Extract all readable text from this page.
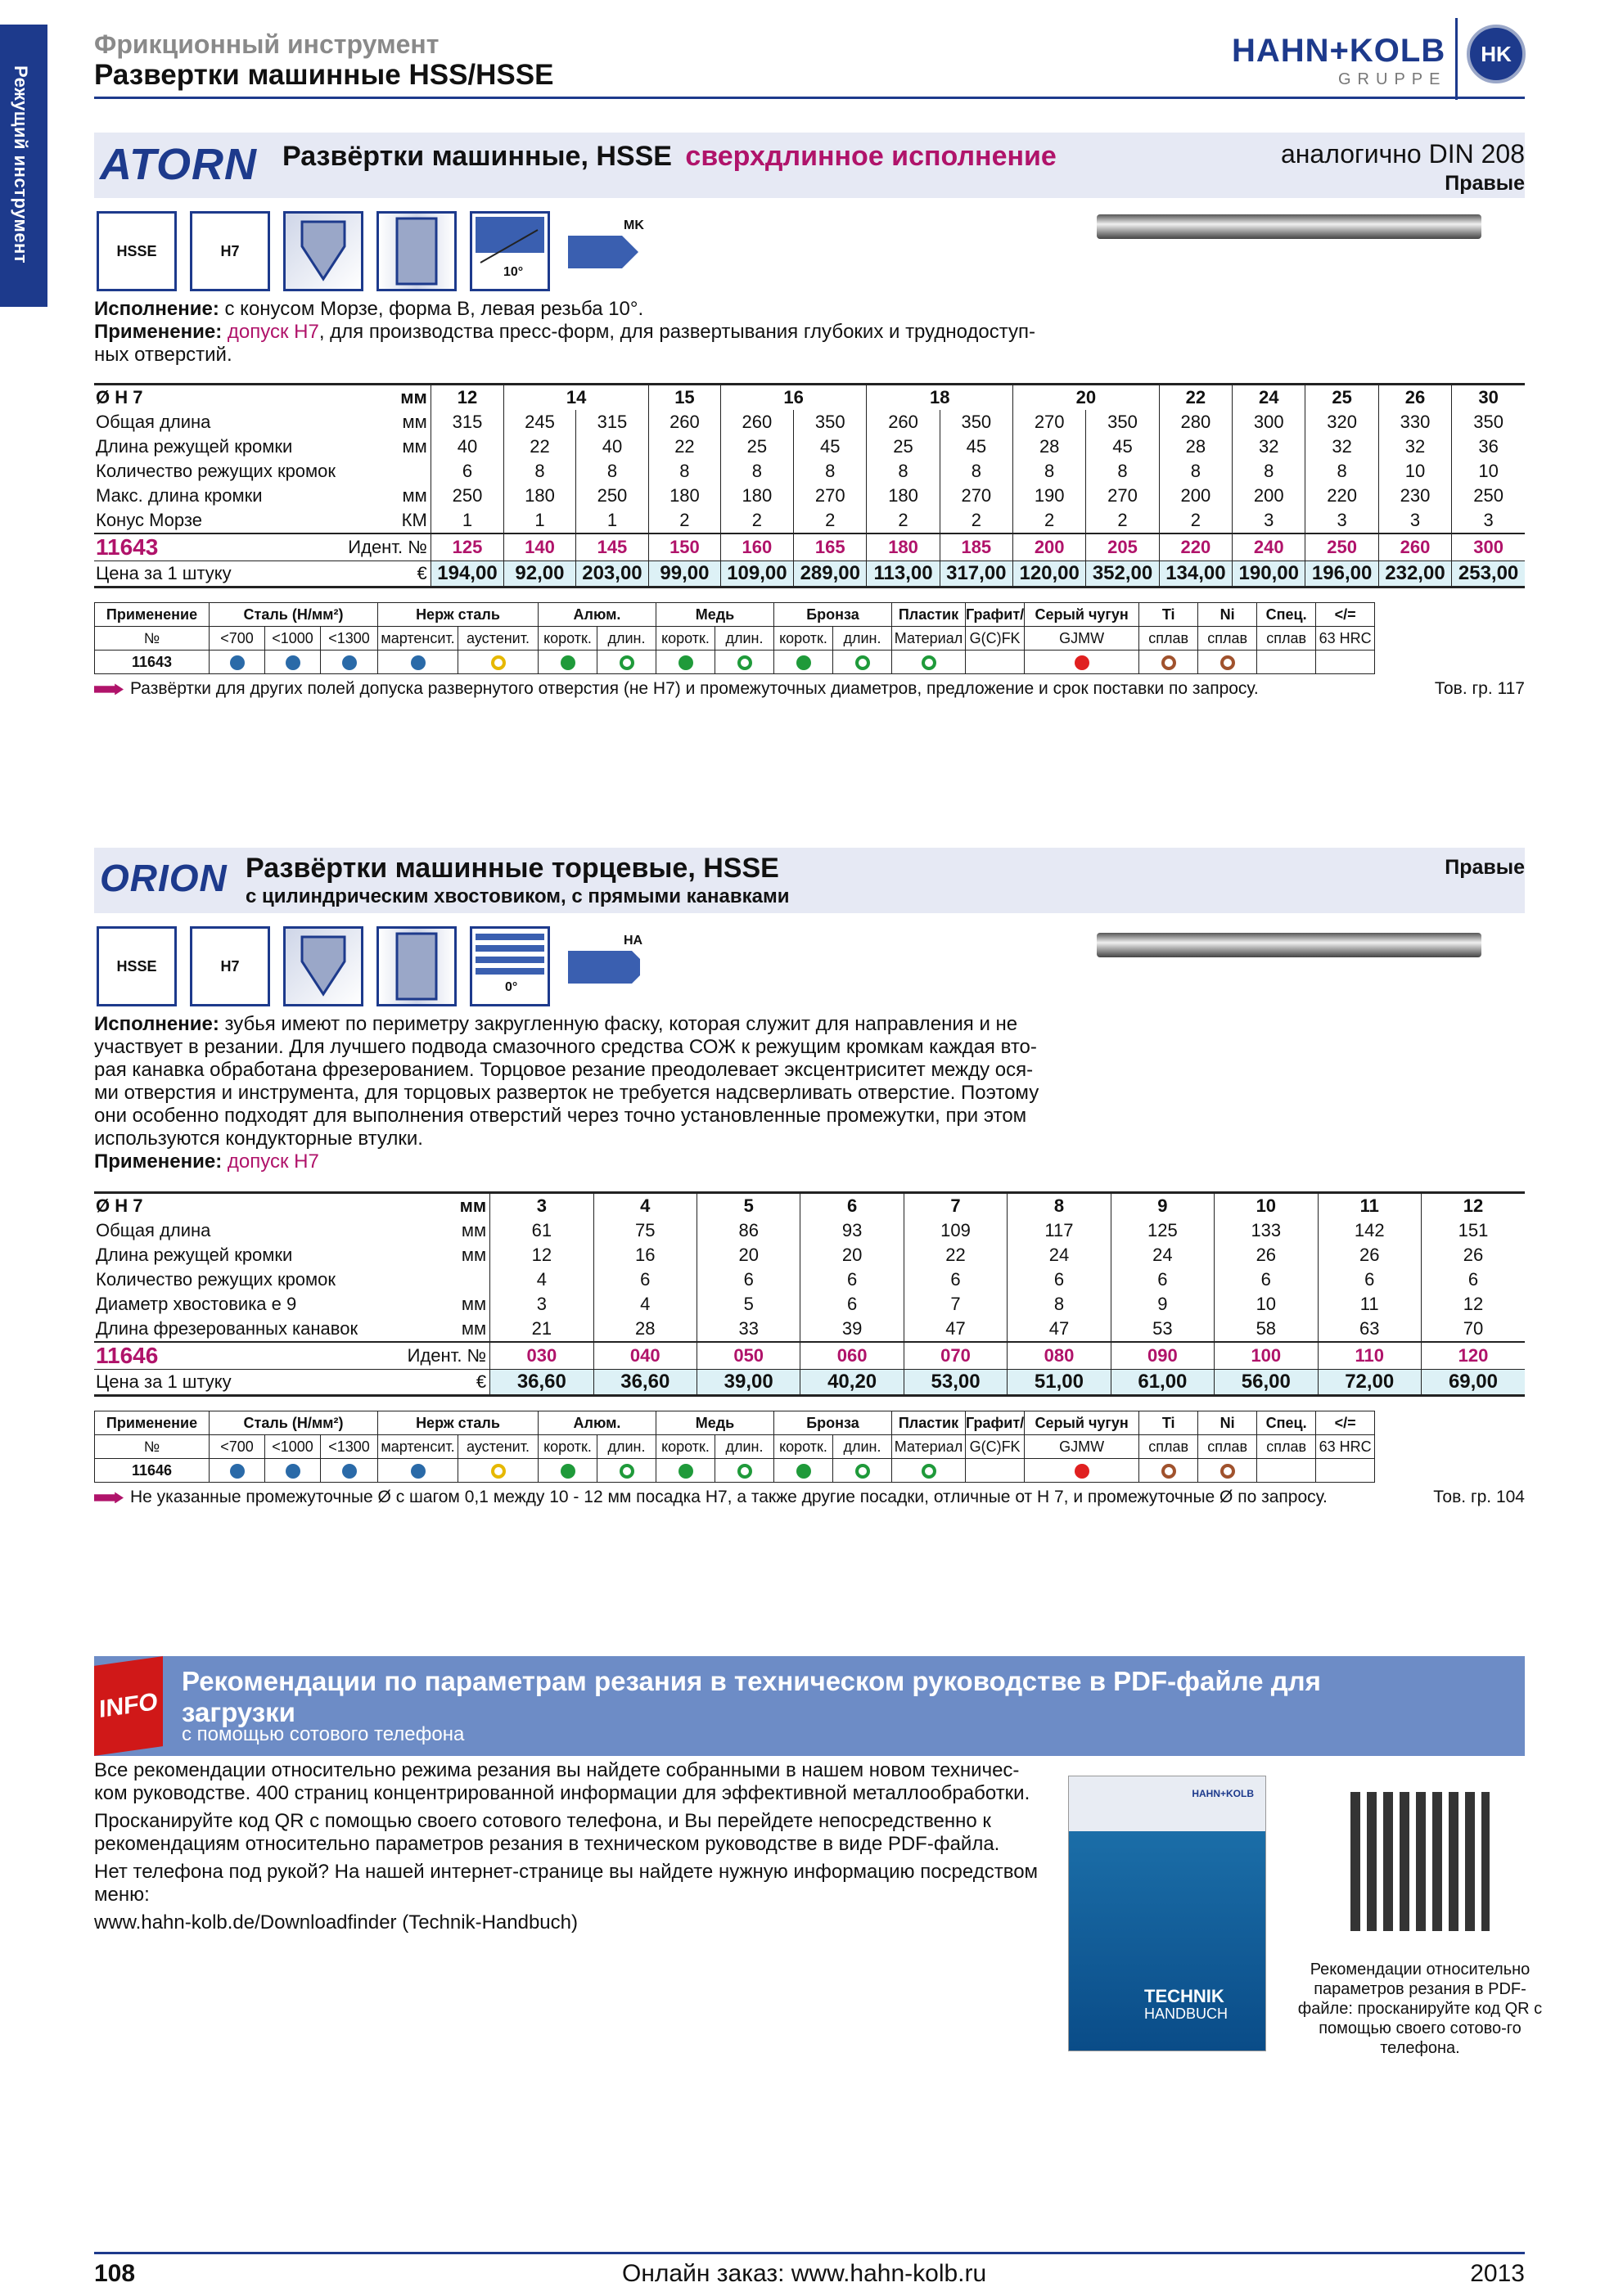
Режущий инструмент
Фрикционный инструмент
Развертки машинные HSS/HSSE
HAHN+KOLB
GRUPPE
HK
ATORN Развёртки машинные, HSSE сверхдлинное исполнение	аналогично DIN 208
Правые
HSSE	H7
10°
MK
Исполнение: с конусом Морзе, форма В, левая резьба 10°.
Применение: допуск H7, для производства пресс-форм, для развертывания глубоких и труднодоступ-ных отверстий.
Ø H 7	мм	12	14		15	16		18		20		22	24	25	26	30
Общая длина	мм	315	245	315	260	260	350	260	350	270	350	280	300	320	330	350
Длина режущей кромки	мм	40	22	40	22	25	45	25	45	28	45	28	32	32	32	36
Количество режущих кромок		6	8	8	8	8	8	8	8	8	8	8	8	8	10	10
Макс. длина кромки	мм	250	180	250	180	180	270	180	270	190	270	200	200	220	230	250
Конус Морзе	КМ	1	1	1	2	2	2	2	2	2	2	2	3	3	3	3
11643	Идент. №	125	140	145	150	160	165	180	185	200	205	220	240	250	260	300
Цена за 1 штуку	€	194,00	92,00	203,00	99,00	109,00	289,00	113,00	317,00	120,00	352,00	134,00	190,00	196,00	232,00	253,00
Применение	Сталь (Н/мм²)			Нерж сталь		Алюм.		Медь		Бронза		Пластик	Графит/	Серый чугун	Ti	Ni	Спец.	</=
№	<700	<1000	<1300	мартенсит.	аустенит.	коротк.	длин.	коротк.	длин.	коротк.	длин.	Материал	G(C)FK	GJMW	сплав	сплав	сплав	63 HRC
11643																		
Развёртки для других полей допуска развернутого отверстия (не H7) и промежуточных диаметров, предложение и срок поставки по запросу.	Тов. гр. 117
ORION Развёртки машинные торцевые, HSSE
с цилиндрическим хвостовиком, с прямыми канавками
Правые
HSSE	H7
0°
HA
Исполнение: зубья имеют по периметру закругленную фаску, которая служит для направления и не участвует в резании. Для лучшего подвода смазочного средства СОЖ к режущим кромкам каждая вто-рая канавка обработана фрезерованием. Торцовое резание преодолевает эксцентриситет между ося-ми отверстия и инструмента, для торцовых разверток не требуется надсверливать отверстие. Поэтому они особенно подходят для выполнения отверстий через точно установленные промежутки, при этом используются кондукторные втулки.
Применение: допуск H7
Ø H 7	мм	3	4	5	6	7	8	9	10	11	12
Общая длина	мм	61	75	86	93	109	117	125	133	142	151
Длина режущей кромки	мм	12	16	20	20	22	24	24	26	26	26
Количество режущих кромок		4	6	6	6	6	6	6	6	6	6
Диаметр хвостовика e 9	мм	3	4	5	6	7	8	9	10	11	12
Длина фрезерованных канавок	мм	21	28	33	39	47	47	53	58	63	70
11646	Идент. №	030	040	050	060	070	080	090	100	110	120
Цена за 1 штуку	€	36,60	36,60	39,00	40,20	53,00	51,00	61,00	56,00	72,00	69,00
Применение	Сталь (Н/мм²)			Нерж сталь		Алюм.		Медь		Бронза		Пластик	Графит/	Серый чугун	Ti	Ni	Спец.	</=
№	<700	<1000	<1300	мартенсит.	аустенит.	коротк.	длин.	коротк.	длин.	коротк.	длин.	Материал	G(C)FK	GJMW	сплав	сплав	сплав	63 HRC
11646																		
Не указанные промежуточные Ø с шагом 0,1 между 10 - 12 мм посадка H7, а также другие посадки, отличные от H 7, и промежуточные Ø по запросу.	Тов. гр. 104
INFO
Рекомендации по параметрам резания в техническом руководстве в PDF-файле для загрузки
с помощью сотового телефона

Все рекомендации относительно режима резания вы найдете собранными в нашем новом техничес-ком руководстве. 400 страниц концентрированной информации для эффективной металлообработки.

Просканируйте код QR с помощью своего сотового телефона, и Вы перейдете непосредственно к рекомендациям относительно параметров резания в техническом руководстве в виде PDF-файла.

Нет телефона под рукой? На нашей интернет-странице вы найдете нужную информацию посредством меню:

www.hahn-kolb.de/Downloadfinder (Technik-Handbuch)

HAHN+KOLB
TECHNIK
HANDBUCH
Рекомендации относительно параметров резания в PDF-файле: просканируйте код QR с помощью своего сотово-го телефона.
108	Онлайн заказ: www.hahn-kolb.ru	2013
